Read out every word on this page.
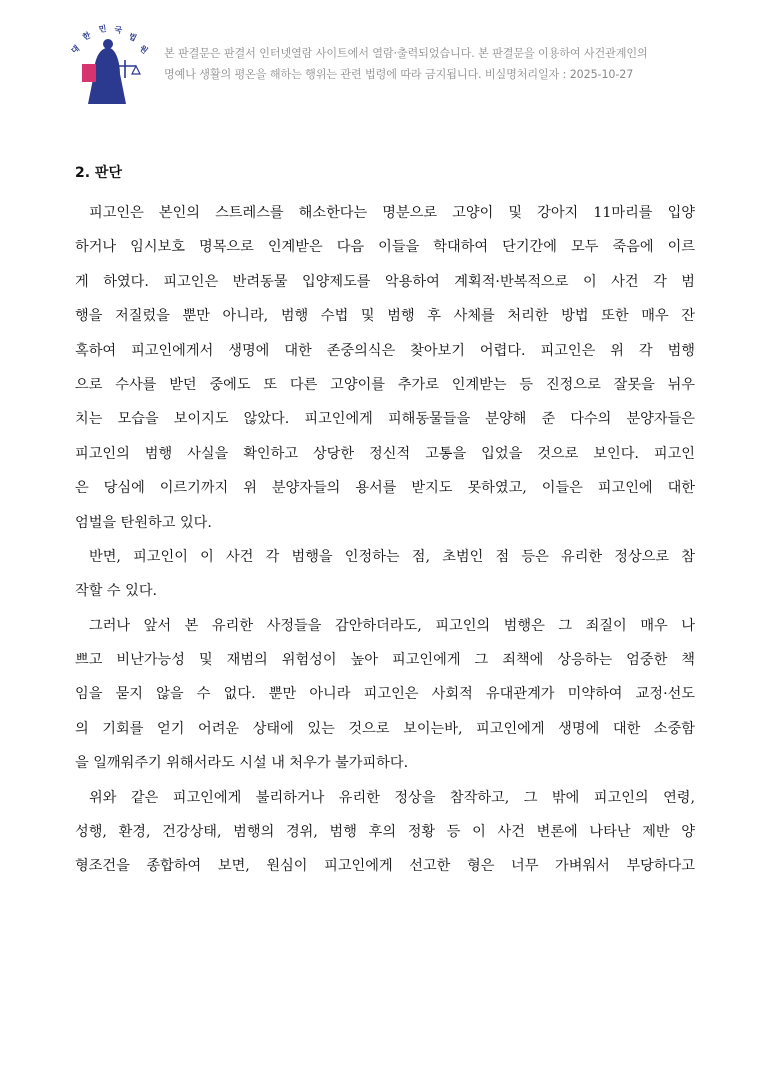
대
한
민 국
법
원 본 판결문은 판결서 인터넷열람 사이트에서 열람·출력되었습니다. 본 판결문을 이용하여 사건관계인의
명예나 생활의 평온을 해하는 행위는 관련 법령에 따라 금지됩니다. 비실명처리일자 : 2025-10-27
2. 판단
피고인은 본인의 스트레스를 해소한다는 명분으로 고양이 및 강아지 11마리를 입양
하거나 임시보호 명목으로 인계받은 다음 이들을 학대하여 단기간에 모두 죽음에 이르
게 하였다. 피고인은 반려동물 입양제도를 악용하여 계획적·반복적으로 이 사건 각 범
행을 저질렀을 뿐만 아니라, 범행 수법 및 범행 후 사체를 처리한 방법 또한 매우 잔
혹하여 피고인에게서 생명에 대한 존중의식은 찾아보기 어렵다. 피고인은 위 각 범행
으로 수사를 받던 중에도 또 다른 고양이를 추가로 인계받는 등 진정으로 잘못을 뉘우
치는 모습을 보이지도 않았다. 피고인에게 피해동물들을 분양해 준 다수의 분양자들은
피고인의 범행 사실을 확인하고 상당한 정신적 고통을 입었을 것으로 보인다. 피고인
은 당심에 이르기까지 위 분양자들의 용서를 받지도 못하였고, 이들은 피고인에 대한
엄벌을 탄원하고 있다.
반면, 피고인이 이 사건 각 범행을 인정하는 점, 초범인 점 등은 유리한 정상으로 참
작할 수 있다.
그러나 앞서 본 유리한 사정들을 감안하더라도, 피고인의 범행은 그 죄질이 매우 나
쁘고 비난가능성 및 재범의 위험성이 높아 피고인에게 그 죄책에 상응하는 엄중한 책
임을 묻지 않을 수 없다. 뿐만 아니라 피고인은 사회적 유대관계가 미약하여 교정·선도
의 기회를 얻기 어려운 상태에 있는 것으로 보이는바, 피고인에게 생명에 대한 소중함
을 일깨워주기 위해서라도 시설 내 처우가 불가피하다.
위와 같은 피고인에게 불리하거나 유리한 정상을 참작하고, 그 밖에 피고인의 연령,
성행, 환경, 건강상태, 범행의 경위, 범행 후의 정황 등 이 사건 변론에 나타난 제반 양
형조건을 종합하여 보면, 원심이 피고인에게 선고한 형은 너무 가벼워서 부당하다고
